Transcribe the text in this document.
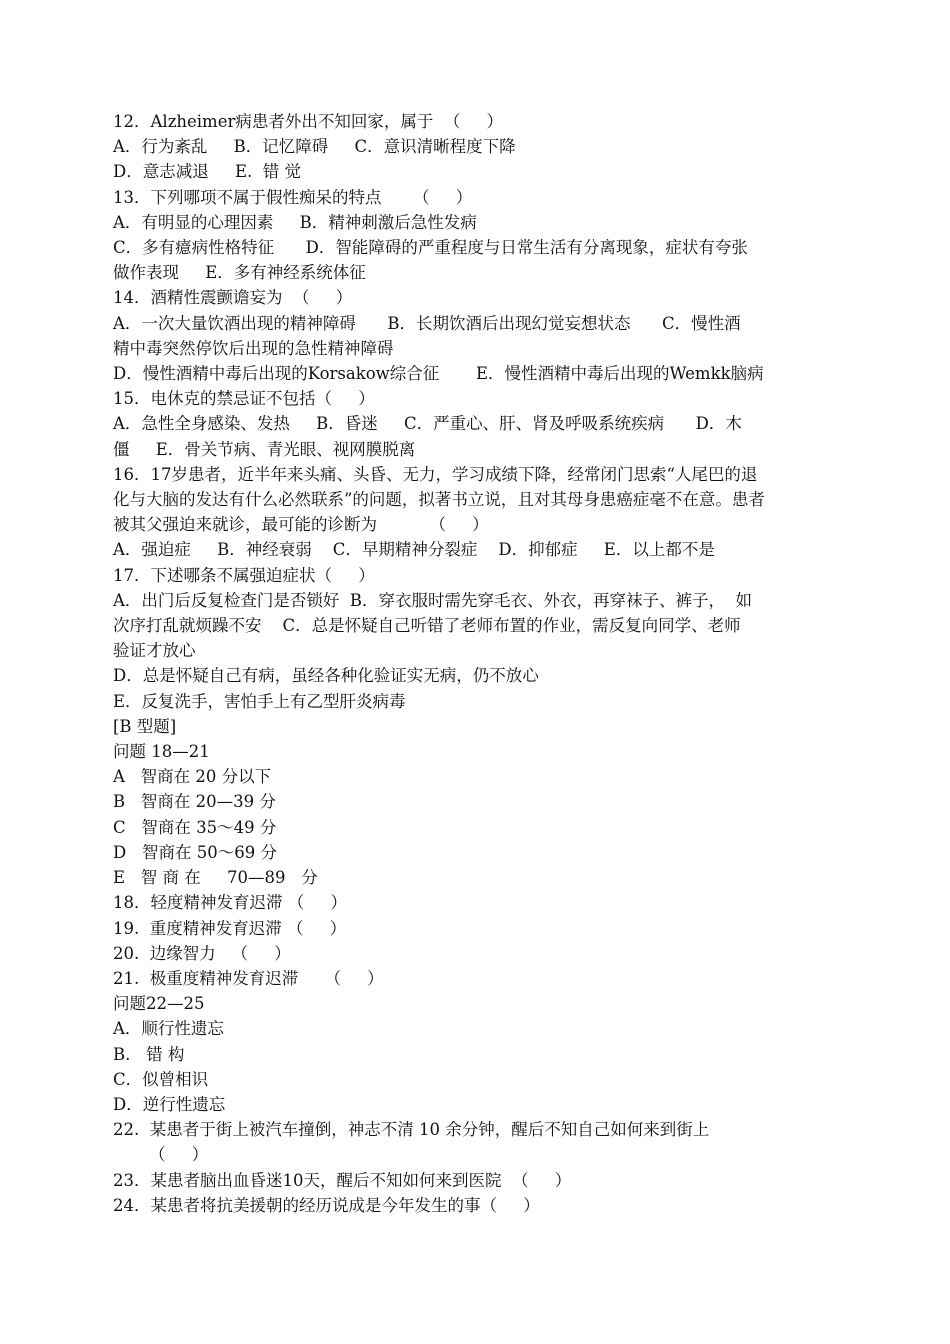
12．Alzheimer病患者外出不知回家，属于  （     ）
A．行为紊乱     B．记忆障碍     C．意识清晰程度下降
D．意志减退     E.  错 觉
13．下列哪项不属于假性痴呆的特点      （     ）
A．有明显的心理因素     B．精神刺激后急性发病
C．多有癔病性格特征      D．智能障碍的严重程度与日常生活有分离现象，症状有夸张
做作表现     E．多有神经系统体征
14．酒精性震颤谵妄为  （     ）
A．一次大量饮酒出现的精神障碍      B．长期饮酒后出现幻觉妄想状态      C．慢性酒
精中毒突然停饮后出现的急性精神障碍
D．慢性酒精中毒后出现的Korsakow综合征       E．慢性酒精中毒后出现的Wemkk脑病
15．电休克的禁忌证不包括（     ）
A．急性全身感染、发热     B．昏迷     C．严重心、肝、肾及呼吸系统疾病      D．木
僵     E．骨关节病、青光眼、视网膜脱离
16．17岁患者，近半年来头痛、头昏、无力，学习成绩下降，经常闭门思索“人尾巴的退
化与大脑的发达有什么必然联系”的问题，拟著书立说，且对其母身患癌症毫不在意。患者
被其父强迫来就诊，最可能的诊断为          （     ）
A．强迫症     B．神经衰弱    C．早期精神分裂症    D．抑郁症     E．以上都不是
17．下述哪条不属强迫症状（     ）
A．出门后反复检查门是否锁好  B．穿衣服时需先穿毛衣、外衣，再穿袜子、裤子，  如
次序打乱就烦躁不安    C．总是怀疑自己听错了老师布置的作业，需反复向同学、老师
验证才放心
D．总是怀疑自己有病，虽经各种化验证实无病，仍不放心
E．反复洗手，害怕手上有乙型肝炎病毒
[B 型题]
问题 18—21
A   智商在 20 分以下
B   智商在 20—39 分
C   智商在 35～49 分
D   智商在 50～69 分
E   智 商 在     70—89   分
18．轻度精神发育迟滞 （     ）
19.  重度精神发育迟滞 （     ）
20.  边缘智力   （     ）
21.  极重度精神发育迟滞     （     ）
问题22—25
A．顺行性遗忘
B.   错 构
C．似曾相识
D．逆行性遗忘
22.  某患者于街上被汽车撞倒，神志不清 10 余分钟，醒后不知自己如何来到街上
（     ）
23．某患者脑出血昏迷10天，醒后不知如何来到医院  （     ）
24．某患者将抗美援朝的经历说成是今年发生的事（     ）
